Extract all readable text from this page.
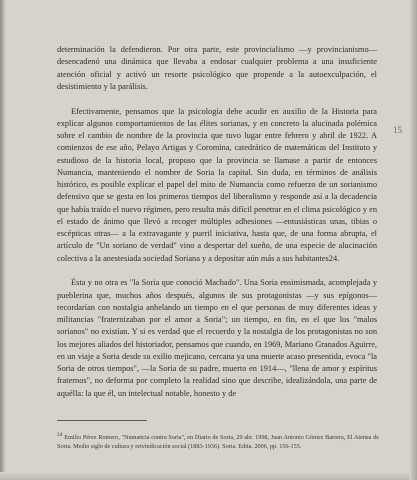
determinación la defendieron. Por otra parte, este provincialismo —y provincianismo— desencadenó una dinámica que llevaba a endosar cualquier problema a una insuficiente atención oficial y activó un resorte psicológico que propende a la autoexculpación, el desistimiento y la parálisis.

Efectivamente, pensamos que la psicología debe acudir en auxilio de la Historia para explicar algunos comportamientos de las élites sorianas, y en concreto la alucinada polémica sobre el cambio de nombre de la provincia que tuvo lugar entre febrero y abril de 1922. A comienzos de ese año, Pelayo Artigas y Coromina, catedrático de matemáticas del Instituto y estudioso de la historia local, propuso que la provincia se llamase a partir de entonces Numancia, manteniendo el nombre de Soria la capital. Sin duda, en términos de análisis histórico, es posible explicar el papel del mito de Numancia como refuerzo de un sorianismo defensivo que se gesta en los primeros tiempos del liberalismo y responde así a la decadencia que había traído el nuevo régimen, pero resulta más difícil penetrar en el clima psicológico y en el estado de ánimo que llevó a recoger múltiples adhesiones —entusiásticas unas, tibias o escépticas otras— a la extravagante y pueril iniciativa, hasta que, de una forma abrupta, el artículo de "Un soriano de verdad" vino a despertar del sueño, de una especie de alucinación colectiva a la anestesiada sociedad Soriana y a depositar aún más a sus habitantes24.

Ésta y no otra es "la Soria que conoció Machado". Una Soria ensimismada, acomplejada y pueblerina que, muchos años después, algunos de sus protagonistas —y sus epígonos— recordarían con nostalgia anhelando un tiempo en el que personas de muy diferentes ideas y militancias "fraternizaban por el amor a Soria"; un tiempo, en fin, en el que los "malos sorianos" no existían. Y si es verdad que el recuerdo y la nostalgia de los protagonistas no son los mejores aliados del historiador, pensamos que cuando, en 1969, Mariano Granados Aguirre, en un viaje a Soria desde su exilio mejicano, cercana ya una muerte acaso presentida, evoca "la Soria de otros tiempos", —la Soria de su padre, muerto en 1914—, "llena de amor y espíritus fraternos", no deforma por completo la realidad sino que describe, idealizándola, una parte de aquélla: la que él, un intelectual notable, honesto y de

15
$^{24}$ Emilio Pérez Romero, "Numancia contra Soria", en Diario de Soria, 29 abr. 1998, Juan Antonio Gómez Barrera, El Atenea de Soria. Medio siglo de cultura y reivindicación social (1883-1936). Soria. Edita. 2006, pp. 156-155.
